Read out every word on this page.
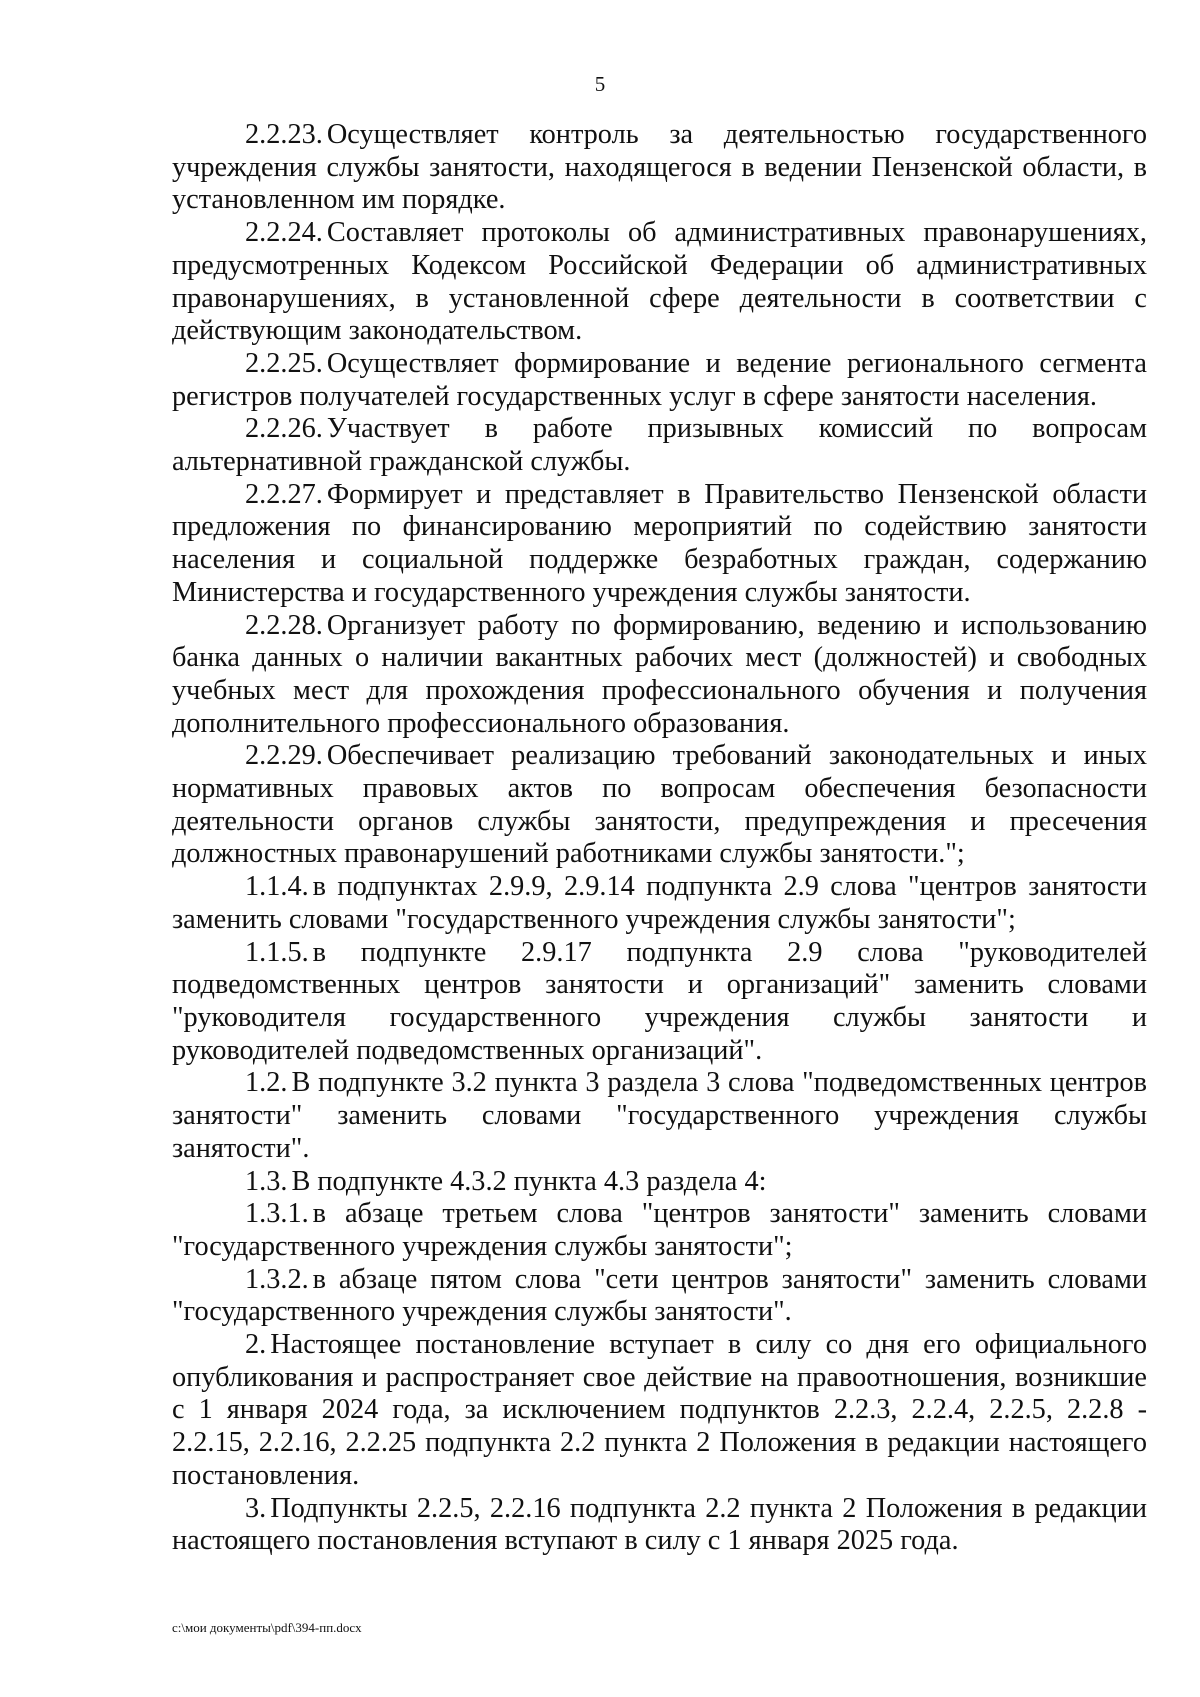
5

2.2.23. Осуществляет контроль за деятельностью государственного учреждения службы занятости, находящегося в ведении Пензенской области, в установленном им порядке.

2.2.24. Составляет протоколы об административных правонарушениях, предусмотренных Кодексом Российской Федерации об административных правонарушениях, в установленной сфере деятельности в соответствии с действующим законодательством.

2.2.25. Осуществляет формирование и ведение регионального сегмента регистров получателей государственных услуг в сфере занятости населения.

2.2.26. Участвует в работе призывных комиссий по вопросам альтернативной гражданской службы.

2.2.27. Формирует и представляет в Правительство Пензенской области предложения по финансированию мероприятий по содействию занятости населения и социальной поддержке безработных граждан, содержанию Министерства и государственного учреждения службы занятости.

2.2.28. Организует работу по формированию, ведению и использованию банка данных о наличии вакантных рабочих мест (должностей) и свободных учебных мест для прохождения профессионального обучения и получения дополнительного профессионального образования.

2.2.29. Обеспечивает реализацию требований законодательных и иных нормативных правовых актов по вопросам обеспечения безопасности деятельности органов службы занятости, предупреждения и пресечения должностных правонарушений работниками службы занятости.";

1.1.4. в подпунктах 2.9.9, 2.9.14 подпункта 2.9 слова "центров занятости заменить словами "государственного учреждения службы занятости";

1.1.5. в подпункте 2.9.17 подпункта 2.9 слова "руководителей подведомственных центров занятости и организаций" заменить словами "руководителя государственного учреждения службы занятости и руководителей подведомственных организаций".

1.2. В подпункте 3.2 пункта 3 раздела 3 слова "подведомственных центров занятости" заменить словами "государственного учреждения службы занятости".

1.3. В подпункте 4.3.2 пункта 4.3 раздела 4:

1.3.1. в абзаце третьем слова "центров занятости" заменить словами "государственного учреждения службы занятости";

1.3.2. в абзаце пятом слова "сети центров занятости" заменить словами "государственного учреждения службы занятости".

2. Настоящее постановление вступает в силу со дня его официального опубликования и распространяет свое действие на правоотношения, возникшие с 1 января 2024 года, за исключением подпунктов 2.2.3, 2.2.4, 2.2.5, 2.2.8 - 2.2.15, 2.2.16, 2.2.25 подпункта 2.2 пункта 2 Положения в редакции настоящего постановления.

3. Подпункты 2.2.5, 2.2.16 подпункта 2.2 пункта 2 Положения в редакции настоящего постановления вступают в силу с 1 января 2025 года.

c:\мои документы\pdf\394-пп.docx
